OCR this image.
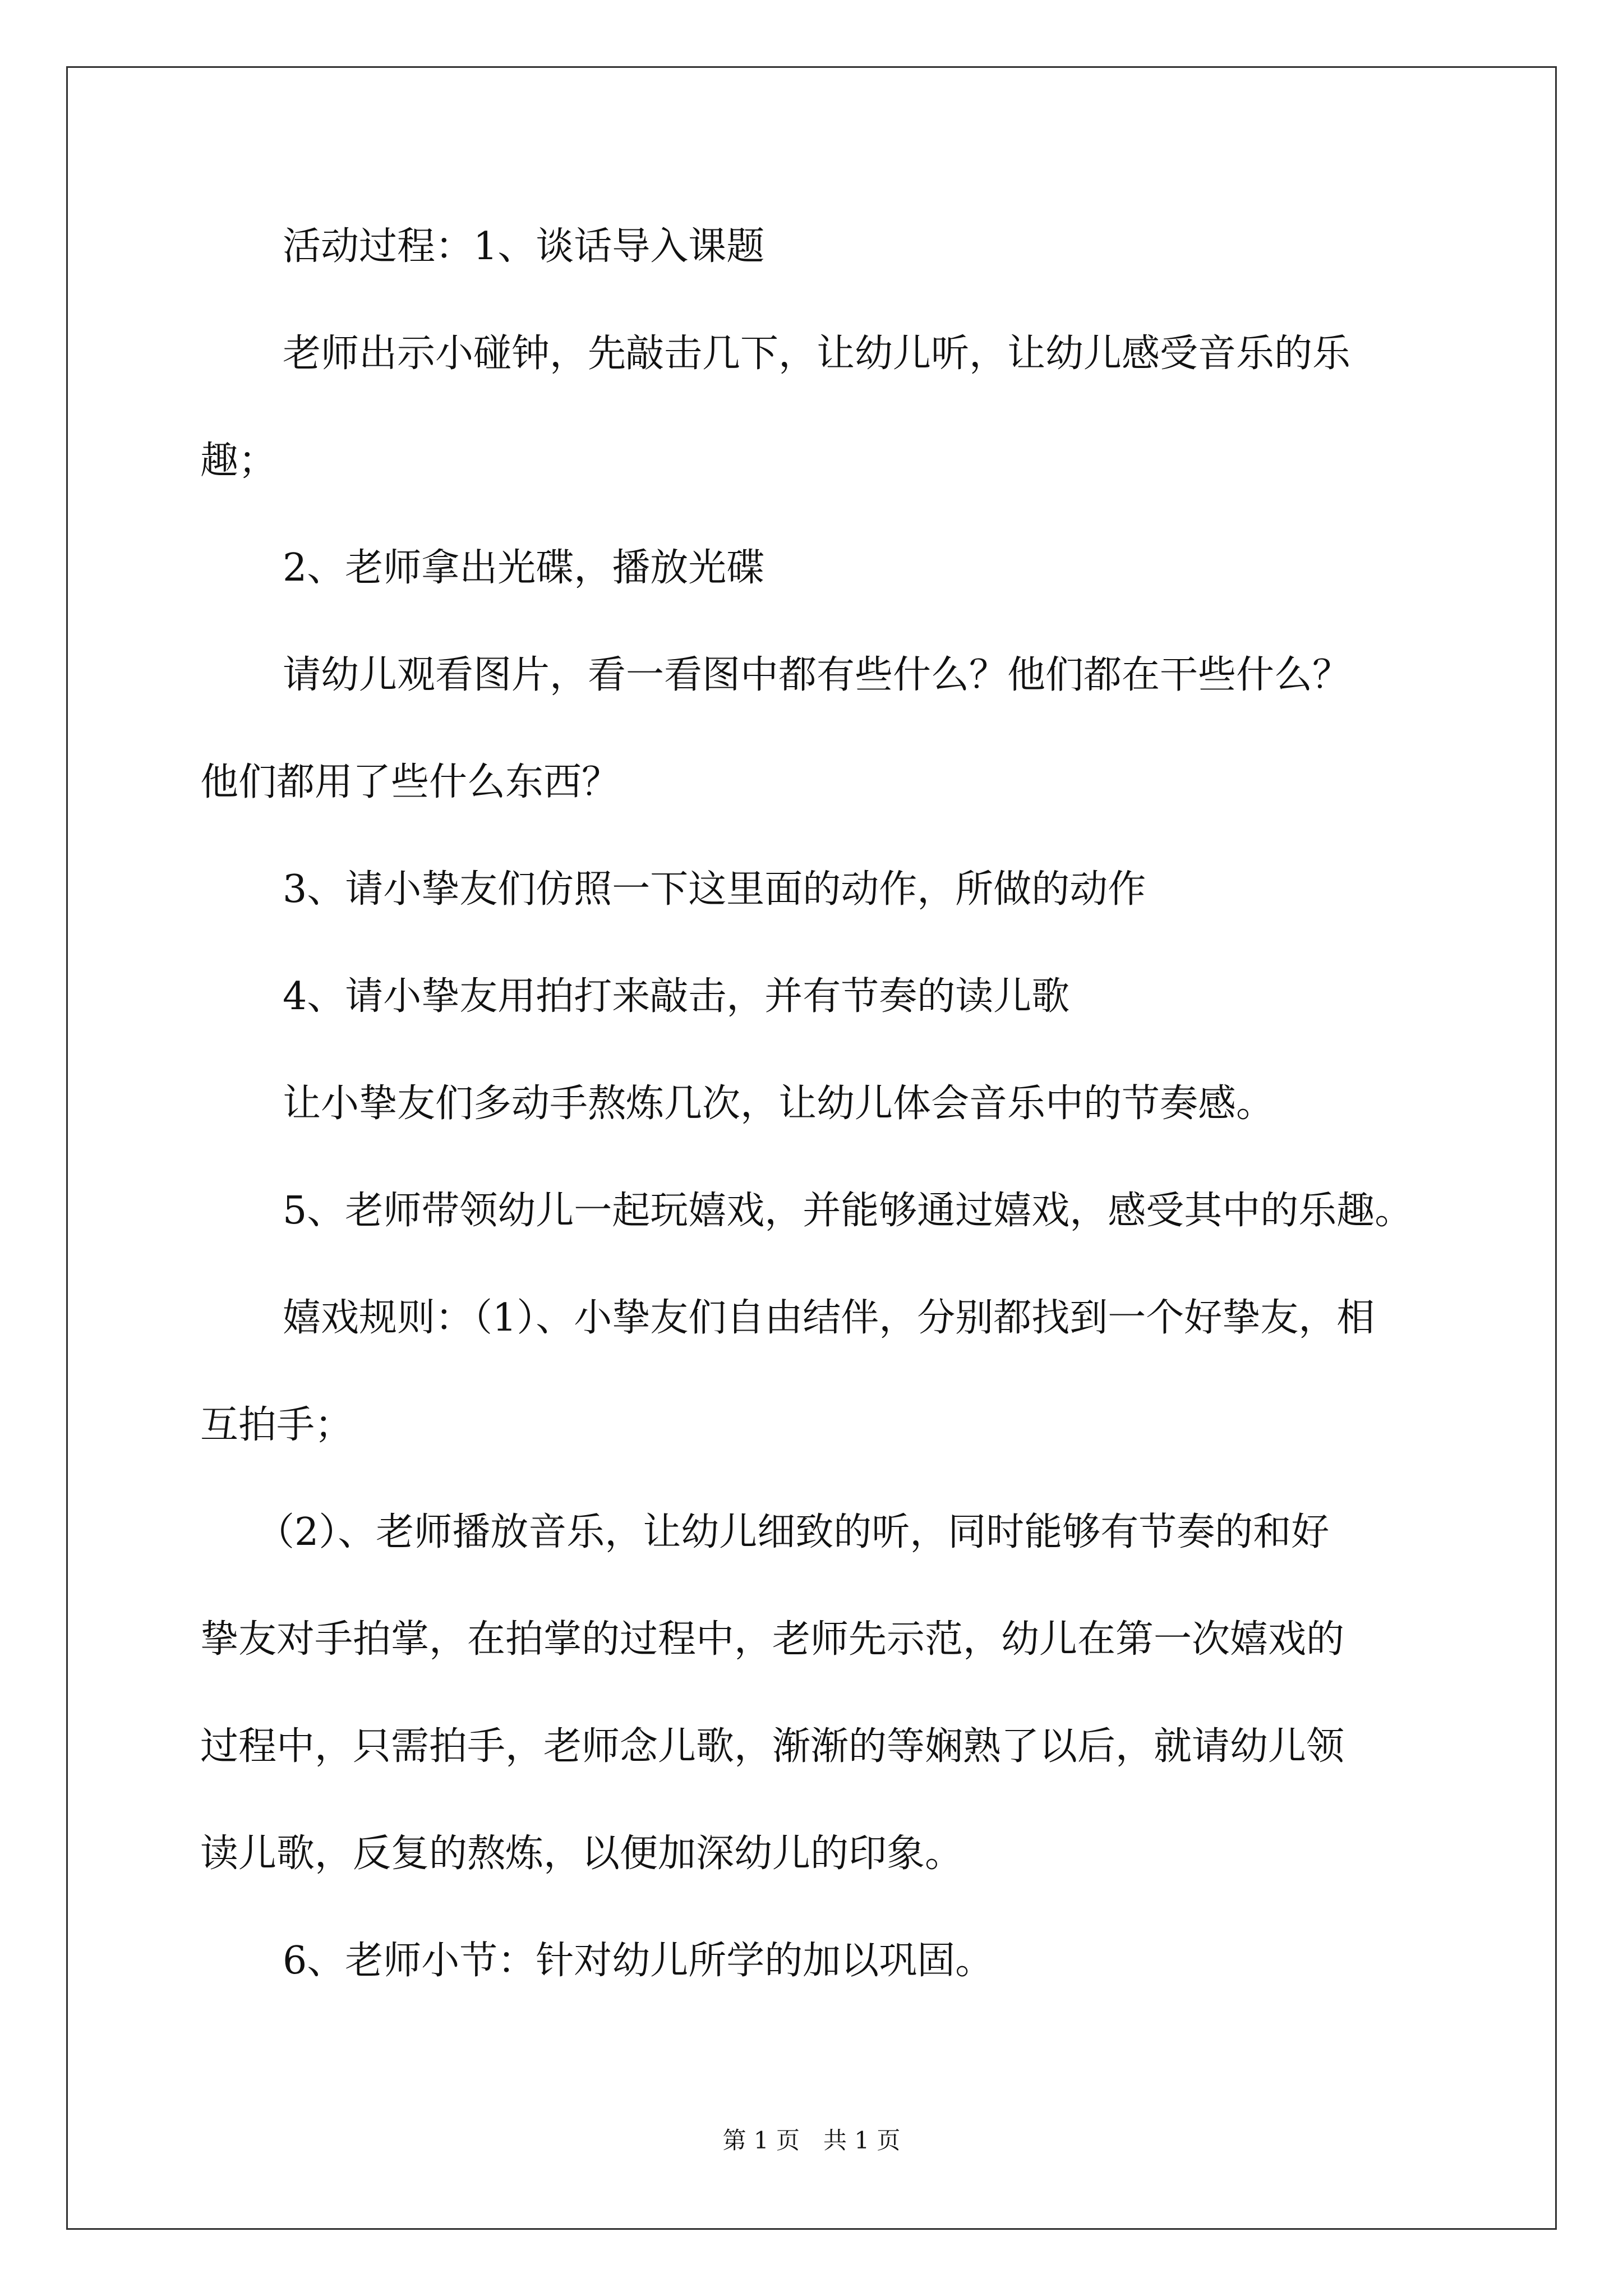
活动过程：1、谈话导入课题
老师出示小碰钟，先敲击几下，让幼儿听，让幼儿感受音乐的乐
趣；
2、老师拿出光碟，播放光碟
请幼儿观看图片，看一看图中都有些什么？他们都在干些什么？
他们都用了些什么东西？
3、请小挚友们仿照一下这里面的动作，所做的动作
4、请小挚友用拍打来敲击，并有节奏的读儿歌
让小挚友们多动手熬炼几次，让幼儿体会音乐中的节奏感。
5、老师带领幼儿一起玩嬉戏，并能够通过嬉戏，感受其中的乐趣。
嬉戏规则：（1）、小挚友们自由结伴，分别都找到一个好挚友，相
互拍手；
（2）、老师播放音乐，让幼儿细致的听，同时能够有节奏的和好
挚友对手拍掌，在拍掌的过程中，老师先示范，幼儿在第一次嬉戏的
过程中，只需拍手，老师念儿歌，渐渐的等娴熟了以后，就请幼儿领
读儿歌，反复的熬炼，以便加深幼儿的印象。
6、老师小节：针对幼儿所学的加以巩固。
第 1 页　共 1 页
